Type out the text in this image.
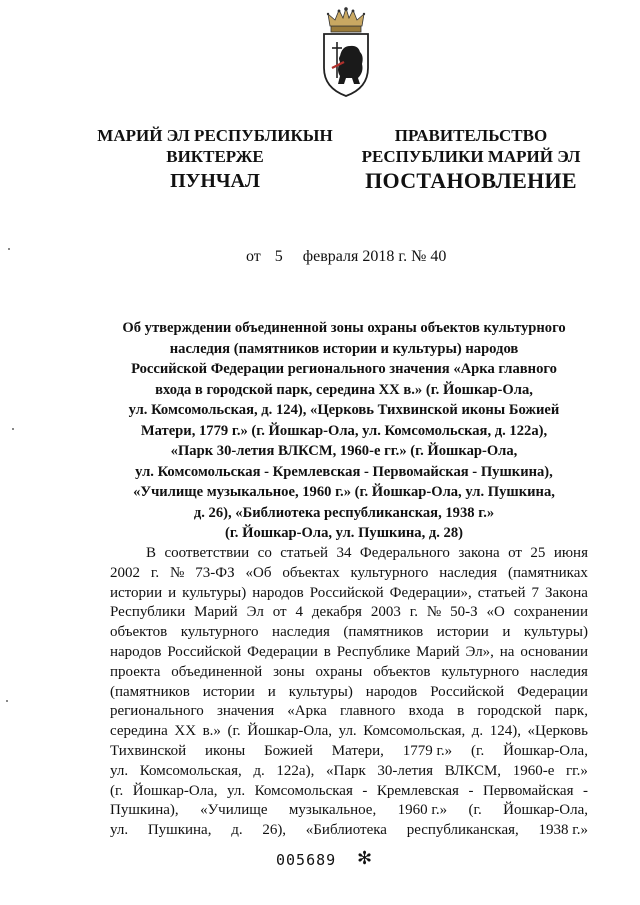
МАРИЙ ЭЛ РЕСПУБЛИКЫН
ВИКТЕРЖЕ
ПРАВИТЕЛЬСТВО
РЕСПУБЛИКИ МАРИЙ ЭЛ
ПУНЧАЛ	ПОСТАНОВЛЕНИЕ
от 5 февраля 2018 г. № 40
Об утверждении объединенной зоны охраны объектов культурного
наследия (памятников истории и культуры) народов
Российской Федерации регионального значения «Арка главного
входа в городской парк, середина XX в.» (г. Йошкар-Ола,
ул. Комсомольская, д. 124), «Церковь Тихвинской иконы Божией
Матери, 1779 г.» (г. Йошкар-Ола, ул. Комсомольская, д. 122а),
«Парк 30-летия ВЛКСМ, 1960-е гг.» (г. Йошкар-Ола,
ул. Комсомольская - Кремлевская - Первомайская - Пушкина),
«Училище музыкальное, 1960 г.» (г. Йошкар-Ола, ул. Пушкина,
д. 26), «Библиотека республиканская, 1938 г.»
(г. Йошкар-Ола, ул. Пушкина, д. 28)
В соответствии со статьей 34 Федерального закона от 25 июня
2002 г. № 73-ФЗ «Об объектах культурного наследия (памятниках
истории и культуры) народов Российской Федерации», статьей 7 Закона
Республики Марий Эл от 4 декабря 2003 г. № 50-З «О сохранении
объектов культурного наследия (памятников истории и культуры)
народов Российской Федерации в Республике Марий Эл», на основании
проекта объединенной зоны охраны объектов культурного наследия
(памятников истории и культуры) народов Российской Федерации
регионального значения «Арка главного входа в городской парк,
середина XX в.» (г. Йошкар-Ола, ул. Комсомольская, д. 124), «Церковь
Тихвинской иконы Божией Матери, 1779 г.» (г. Йошкар-Ола,
ул. Комсомольская, д. 122а), «Парк 30-летия ВЛКСМ, 1960-е гг.»
(г. Йошкар-Ола, ул. Комсомольская - Кремлевская - Первомайская -
Пушкина), «Училище музыкальное, 1960 г.» (г. Йошкар-Ола,
ул. Пушкина, д. 26), «Библиотека республиканская, 1938 г.»
005689 ✻
